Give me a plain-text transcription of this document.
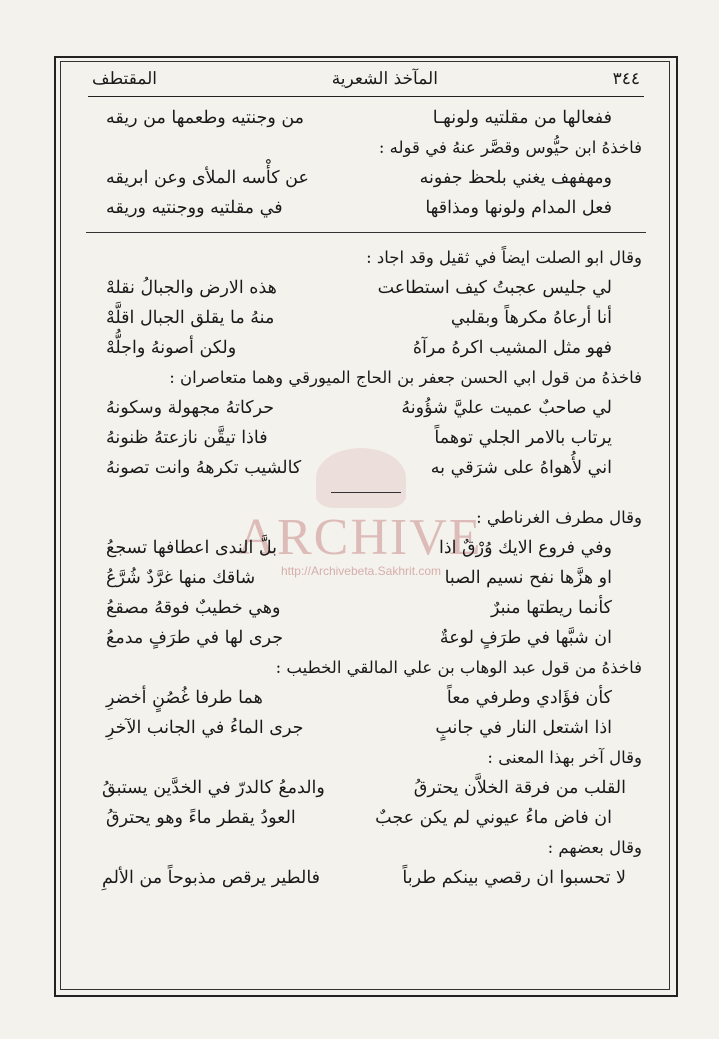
٣٤٤
المآخذ الشعرية
المقتطف
ARCHIVE
http://Archivebeta.Sakhrit.com
ففعالها من مقلتيه ولونهـا
من وجنتيه وطعمها من ريقه
فاخذهُ ابن حيُّوس وقصَّر عنهُ في قوله :
ومهفهف يغني بلحظ جفونه
عن كأْسه الملأى وعن ابريقه
فعل المدام ولونها ومذاقها
في مقلتيه ووجنتيه وريقه
وقال ابو الصلت ايضاً في ثقيل وقد اجاد :
لي جليس عجبتُ كيف استطاعت
هذه الارض والجبالُ نقلهْ
أنا أرعاهُ مكرهاً وبقلبي
منهُ ما يقلق الجبال اقلَّهْ
فهو مثل المشيب اكرهُ مرآهُ
ولكن أصونهُ واجلُّهْ
فاخذهُ من قول ابي الحسن جعفر بن الحاج الميورقي وهما متعاصران :
لي صاحبٌ عميت عليَّ شؤُونهُ
حركاتهُ مجهولة وسكونهُ
يرتاب بالامر الجلي توهماً
فاذا تيقَّن نازعتهُ ظنونهُ
اني لأُهواهُ على شرَقي به
كالشيب تكرههُ وانت تصونهُ
وقال مطرف الغرناطي :
وفي فروع الايك وُرْقٌ اذا
بلَّ الندى اعطافها تسجعُ
او هزَّها نفح نسيم الصبا
شاقك منها غرَّدٌ شُرَّعُ
كأنما ريطتها منبرٌ
وهي خطيبٌ فوقهُ مصقعُ
ان شبَّها في طرَفٍ لوعةٌ
جرى لها في طرَفٍ مدمعُ
فاخذهُ من قول عبد الوهاب بن علي المالقي الخطيب :
كأن فؤَادي وطرفي معاً
هما طرفا غُصُنٍ أخضرِ
اذا اشتعل النار في جانبٍ
جرى الماءُ في الجانب الآخرِ
وقال آخر بهذا المعنى :
القلب من فرقة الخلاَّن يحترقُ
والدمعُ كالدرّ في الخدَّين يستبقُ
ان فاض ماءُ عيوني لم يكن عجبٌ
العودُ يقطر ماءً وهو يحترقُ
وقال بعضهم :
لا تحسبوا ان رقصي بينكم طرباً
فالطير يرقص مذبوحاً من الألمِ
